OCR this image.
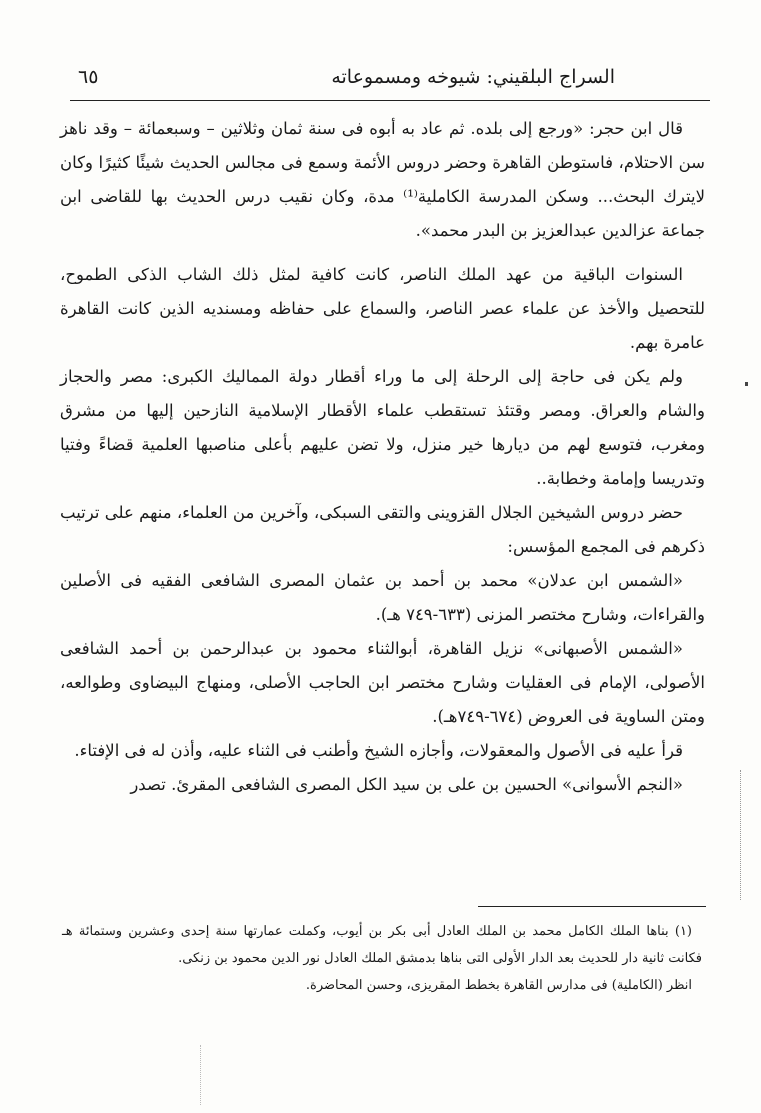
السراج البلقيني: شيوخه ومسموعاته
٦٥

قال ابن حجر: «ورجع إلى بلده. ثم عاد به أبوه فى سنة ثمان وثلاثين – وسبعمائة – وقد ناهز سن الاحتلام، فاستوطن القاهرة وحضر دروس الأئمة وسمع فى مجالس الحديث شيئًا كثيرًا وكان لايترك البحث... وسكن المدرسة الكاملية⁽¹⁾ مدة، وكان نقيب درس الحديث بها للقاضى ابن جماعة عزالدين عبدالعزيز بن البدر محمد».

السنوات الباقية من عهد الملك الناصر، كانت كافية لمثل ذلك الشاب الذكى الطموح، للتحصيل والأخذ عن علماء عصر الناصر، والسماع على حفاظه ومسنديه الذين كانت القاهرة عامرة بهم.

ولم يكن فى حاجة إلى الرحلة إلى ما وراء أقطار دولة المماليك الكبرى: مصر والحجاز والشام والعراق. ومصر وقتئذ تستقطب علماء الأقطار الإسلامية النازحين إليها من مشرق ومغرب، فتوسع لهم من ديارها خير منزل، ولا تضن عليهم بأعلى مناصبها العلمية قضاءً وفتيا وتدريسا وإمامة وخطابة..

حضر دروس الشيخين الجلال القزوينى والتقى السبكى، وآخرين من العلماء، منهم على ترتيب ذكرهم فى المجمع المؤسس:

«الشمس ابن عدلان» محمد بن أحمد بن عثمان المصرى الشافعى الفقيه فى الأصلين والقراءات، وشارح مختصر المزنى (٦٣٣-٧٤٩ هـ).

«الشمس الأصبهانى» نزيل القاهرة، أبوالثناء محمود بن عبدالرحمن بن أحمد الشافعى الأصولى، الإمام فى العقليات وشارح مختصر ابن الحاجب الأصلى، ومنهاج البيضاوى وطوالعه، ومتن الساوية فى العروض (٦٧٤-٧٤٩هـ).

قرأ عليه فى الأصول والمعقولات، وأجازه الشيخ وأطنب فى الثناء عليه، وأذن له فى الإفتاء.

«النجم الأسوانى» الحسين بن على بن سيد الكل المصرى الشافعى المقرئ. تصدر

(١) بناها الملك الكامل محمد بن الملك العادل أبى بكر بن أيوب، وكملت عمارتها سنة إحدى وعشرين وستمائة هـ فكانت ثانية دار للحديث بعد الدار الأولى التى بناها بدمشق الملك العادل نور الدين محمود بن زنكى.

انظر (الكاملية) فى مدارس القاهرة بخطط المقريزى، وحسن المحاضرة.
